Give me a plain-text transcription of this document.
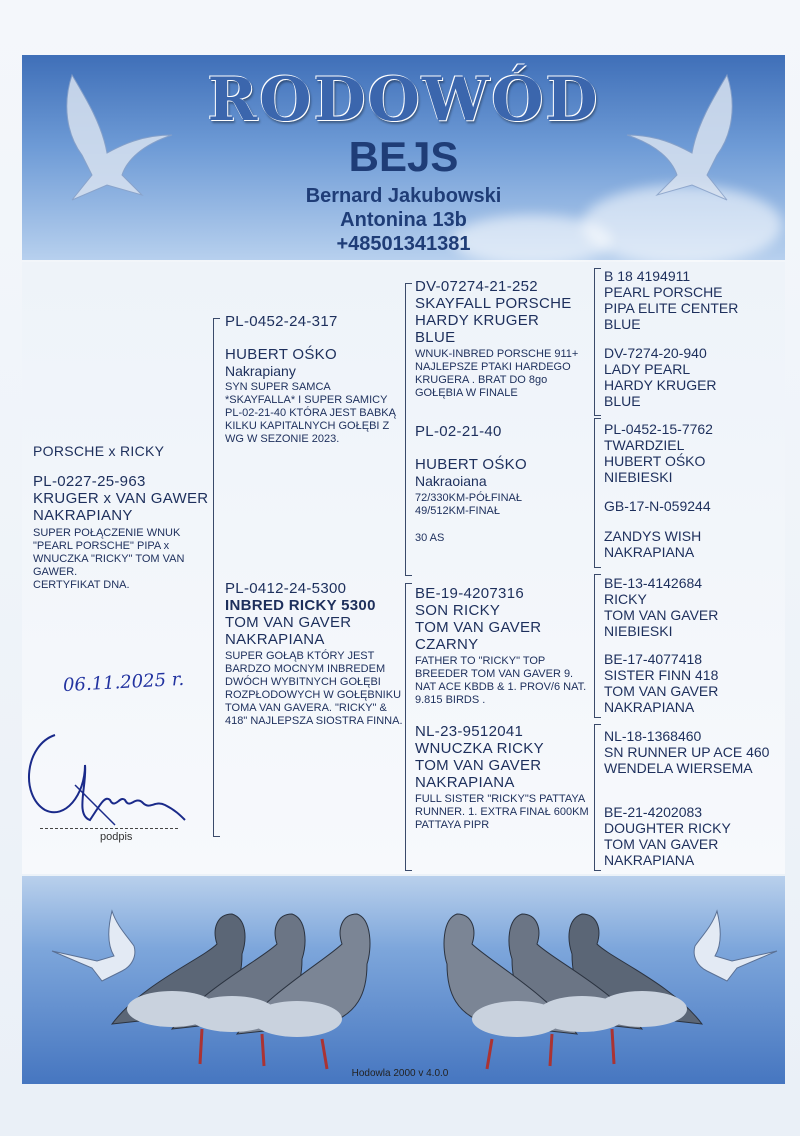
RODOWÓD
BEJS
Bernard Jakubowski
Antonina 13b
+48501341381
PORSCHE x RICKY
PL-0227-25-963
KRUGER x VAN GAWER
NAKRAPIANY
SUPER POŁĄCZENIE WNUK "PEARL PORSCHE" PIPA x WNUCZKA "RICKY" TOM VAN GAWER.
CERTYFIKAT DNA.
PL-0452-24-317
HUBERT OŚKO
Nakrapiany
SYN SUPER SAMCA *SKAYFALLA* I SUPER SAMICY PL-02-21-40 KTÓRA JEST BABKĄ KILKU KAPITALNYCH GOŁĘBI Z WG W SEZONIE 2023.
PL-0412-24-5300
INBRED RICKY 5300
TOM VAN GAVER
NAKRAPIANA
SUPER GOŁĄB KTÓRY JEST BARDZO MOCNYM INBREDEM DWÓCH WYBITNYCH GOŁĘBI ROZPŁODOWYCH W GOŁĘBNIKU TOMA VAN GAVERA. "RICKY" & 418" NAJLEPSZA SIOSTRA FINNA.
DV-07274-21-252
SKAYFALL PORSCHE
HARDY KRUGER
BLUE
WNUK-INBRED PORSCHE 911+ NAJLEPSZE PTAKI HARDEGO KRUGERA . BRAT DO 8go GOŁĘBIA W FINALE
PL-02-21-40
HUBERT OŚKO
Nakraoiana
72/330KM-PÓŁFINAŁ
49/512KM-FINAŁ
30 AS
BE-19-4207316
SON RICKY
TOM VAN GAVER
CZARNY
FATHER TO "RICKY" TOP BREEDER TOM VAN GAVER 9. NAT ACE KBDB & 1. PROV/6 NAT. 9.815 BIRDS .
NL-23-9512041
WNUCZKA RICKY
TOM VAN GAVER
NAKRAPIANA
FULL SISTER "RICKY"S PATTAYA RUNNER. 1. EXTRA FINAŁ 600KM PATTAYA PIPR
B 18 4194911
PEARL PORSCHE
PIPA ELITE CENTER
BLUE
DV-7274-20-940
LADY PEARL
HARDY KRUGER
BLUE
PL-0452-15-7762
TWARDZIEL
HUBERT OŚKO
NIEBIESKI
GB-17-N-059244
ZANDYS WISH
NAKRAPIANA
BE-13-4142684
RICKY
TOM VAN GAVER
NIEBIESKI
BE-17-4077418
SISTER FINN 418
TOM VAN GAVER
NAKRAPIANA
NL-18-1368460
SN RUNNER UP ACE 460
WENDELA WIERSEMA
BE-21-4202083
DOUGHTER RICKY
TOM VAN GAVER
NAKRAPIANA
06.11.2025 r.
podpis
Hodowla 2000 v 4.0.0
